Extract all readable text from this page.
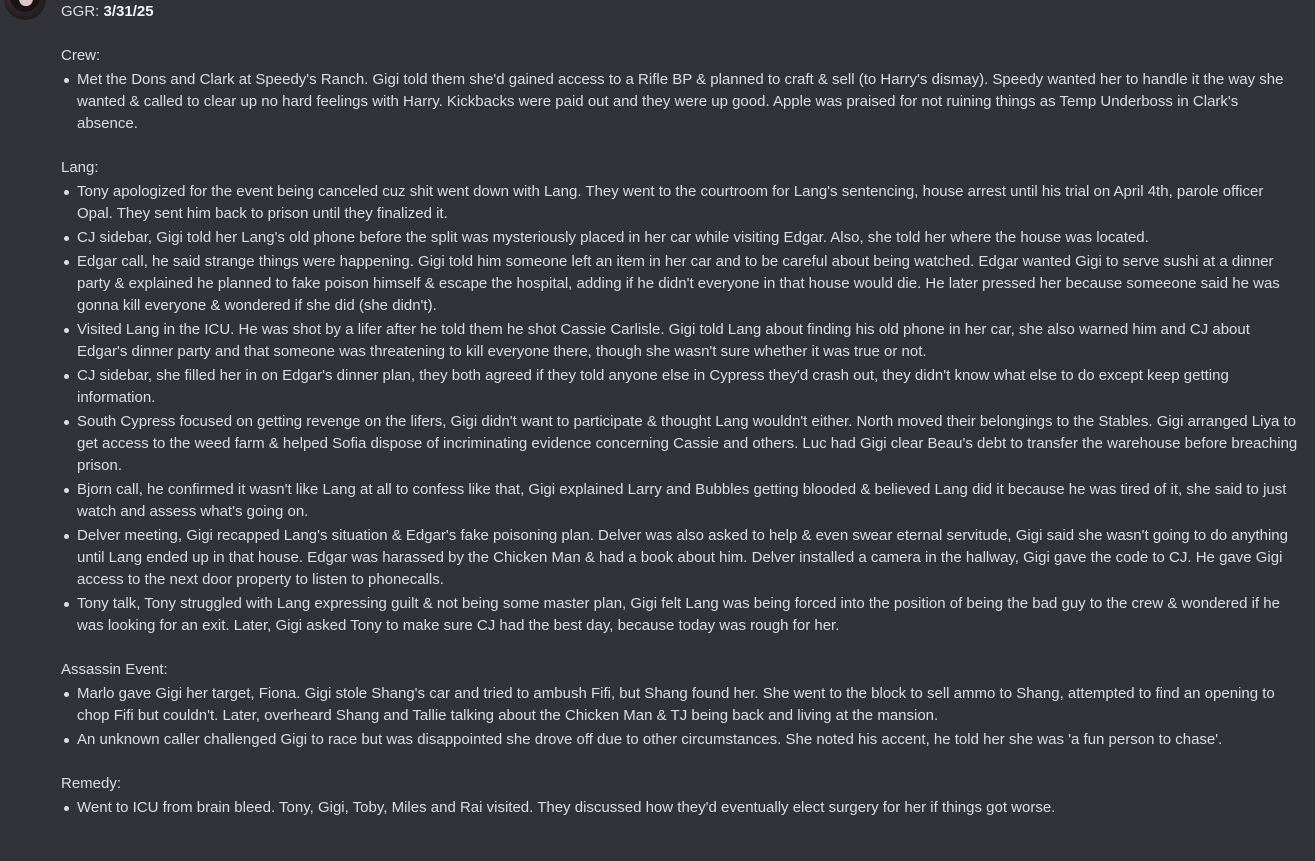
GGR: 3/31/25
Crew:
Met the Dons and Clark at Speedy's Ranch. Gigi told them she'd gained access to a Rifle BP & planned to craft & sell (to Harry's dismay). Speedy wanted her to handle it the way she wanted & called to clear up no hard feelings with Harry. Kickbacks were paid out and they were up good. Apple was praised for not ruining things as Temp Underboss in Clark's absence.
Lang:
Tony apologized for the event being canceled cuz shit went down with Lang. They went to the courtroom for Lang's sentencing, house arrest until his trial on April 4th, parole officer Opal. They sent him back to prison until they finalized it.
CJ sidebar, Gigi told her Lang's old phone before the split was mysteriously placed in her car while visiting Edgar. Also, she told her where the house was located.
Edgar call, he said strange things were happening. Gigi told him someone left an item in her car and to be careful about being watched. Edgar wanted Gigi to serve sushi at a dinner party & explained he planned to fake poison himself & escape the hospital, adding if he didn't everyone in that house would die. He later pressed her because someeone said he was gonna kill everyone & wondered if she did (she didn't).
Visited Lang in the ICU. He was shot by a lifer after he told them he shot Cassie Carlisle. Gigi told Lang about finding his old phone in her car, she also warned him and CJ about Edgar's dinner party and that someone was threatening to kill everyone there, though she wasn't sure whether it was true or not.
CJ sidebar, she filled her in on Edgar's dinner plan, they both agreed if they told anyone else in Cypress they'd crash out, they didn't know what else to do except keep getting information.
South Cypress focused on getting revenge on the lifers, Gigi didn't want to participate & thought Lang wouldn't either. North moved their belongings to the Stables. Gigi arranged Liya to get access to the weed farm & helped Sofia dispose of incriminating evidence concerning Cassie and others. Luc had Gigi clear Beau's debt to transfer the warehouse before breaching prison.
Bjorn call, he confirmed it wasn't like Lang at all to confess like that, Gigi explained Larry and Bubbles getting blooded & believed Lang did it because he was tired of it, she said to just watch and assess what's going on.
Delver meeting, Gigi recapped Lang's situation & Edgar's fake poisoning plan. Delver was also asked to help & even swear eternal servitude, Gigi said she wasn't going to do anything until Lang ended up in that house. Edgar was harassed by the Chicken Man & had a book about him. Delver installed a camera in the hallway, Gigi gave the code to CJ. He gave Gigi access to the next door property to listen to phonecalls.
Tony talk, Tony struggled with Lang expressing guilt & not being some master plan, Gigi felt Lang was being forced into the position of being the bad guy to the crew & wondered if he was looking for an exit. Later, Gigi asked Tony to make sure CJ had the best day, because today was rough for her.
Assassin Event:
Marlo gave Gigi her target, Fiona. Gigi stole Shang's car and tried to ambush Fifi, but Shang found her. She went to the block to sell ammo to Shang, attempted to find an opening to chop Fifi but couldn't. Later, overheard Shang and Tallie talking about the Chicken Man & TJ being back and living at the mansion.
An unknown caller challenged Gigi to race but was disappointed she drove off due to other circumstances. She noted his accent, he told her she was 'a fun person to chase'.
Remedy:
Went to ICU from brain bleed. Tony, Gigi, Toby, Miles and Rai visited. They discussed how they'd eventually elect surgery for her if things got worse.
